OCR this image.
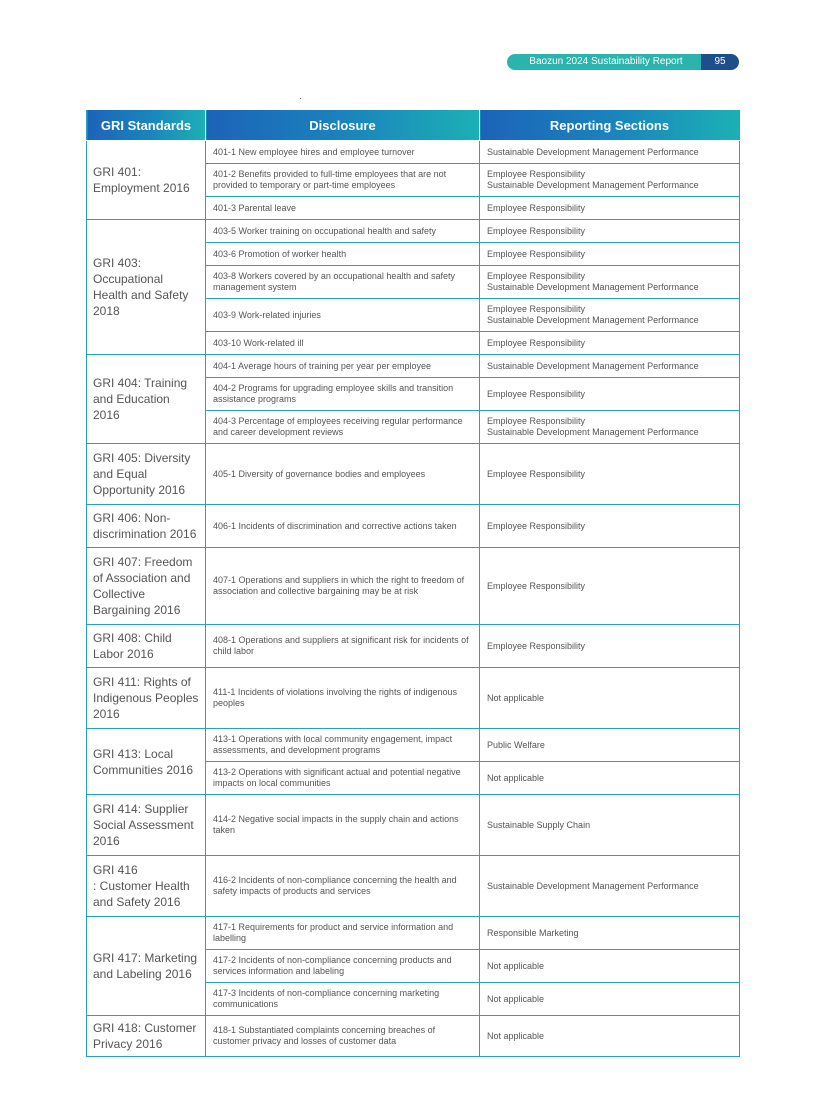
Baozun 2024 Sustainability Report	95
GRI Standards	Disclosure	Reporting Sections
GRI 401:
Employment 2016	401-1 New employee hires and employee turnover	Sustainable Development Management Performance
	401-2 Benefits provided to full-time employees that are not provided to temporary or part-time employees	Employee Responsibility
Sustainable Development Management Performance
	401-3 Parental leave	Employee Responsibility
GRI 403:
Occupational Health and Safety 2018	403-5 Worker training on occupational health and safety	Employee Responsibility
	403-6 Promotion of worker health	Employee Responsibility
	403-8 Workers covered by an occupational health and safety management system	Employee Responsibility
Sustainable Development Management Performance
	403-9 Work-related injuries	Employee Responsibility
Sustainable Development Management Performance
	403-10 Work-related ill	Employee Responsibility
GRI 404: Training and Education 2016	404-1 Average hours of training per year per employee	Sustainable Development Management Performance
	404-2 Programs for upgrading employee skills and transition assistance programs	Employee Responsibility
	404-3 Percentage of employees receiving regular performance and career development reviews	Employee Responsibility
Sustainable Development Management Performance
GRI 405: Diversity and Equal Opportunity 2016	405-1 Diversity of governance bodies and employees	Employee Responsibility
GRI 406: Non-discrimination 2016	406-1 Incidents of discrimination and corrective actions taken	Employee Responsibility
GRI 407: Freedom of Association and Collective Bargaining 2016	407-1 Operations and suppliers in which the right to freedom of association and collective bargaining may be at risk	Employee Responsibility
GRI 408: Child Labor 2016	408-1 Operations and suppliers at significant risk for incidents of child labor	Employee Responsibility
GRI 411: Rights of Indigenous Peoples 2016	411-1 Incidents of violations involving the rights of indigenous peoples	Not applicable
GRI 413: Local Communities 2016	413-1 Operations with local community engagement, impact assessments, and development programs	Public Welfare
	413-2 Operations with significant actual and potential negative impacts on local communities	Not applicable
GRI 414: Supplier Social Assessment 2016	414-2 Negative social impacts in the supply chain and actions taken	Sustainable Supply Chain
GRI 416
: Customer Health and Safety 2016	416-2 Incidents of non-compliance concerning the health and safety impacts of products and services	Sustainable Development Management Performance
GRI 417: Marketing and Labeling 2016	417-1 Requirements for product and service information and labelling	Responsible Marketing
	417-2 Incidents of non-compliance concerning products and services information and labeling	Not applicable
	417-3 Incidents of non-compliance concerning marketing communications	Not applicable
GRI 418: Customer Privacy 2016	418-1 Substantiated complaints concerning breaches of customer privacy and losses of customer data	Not applicable
